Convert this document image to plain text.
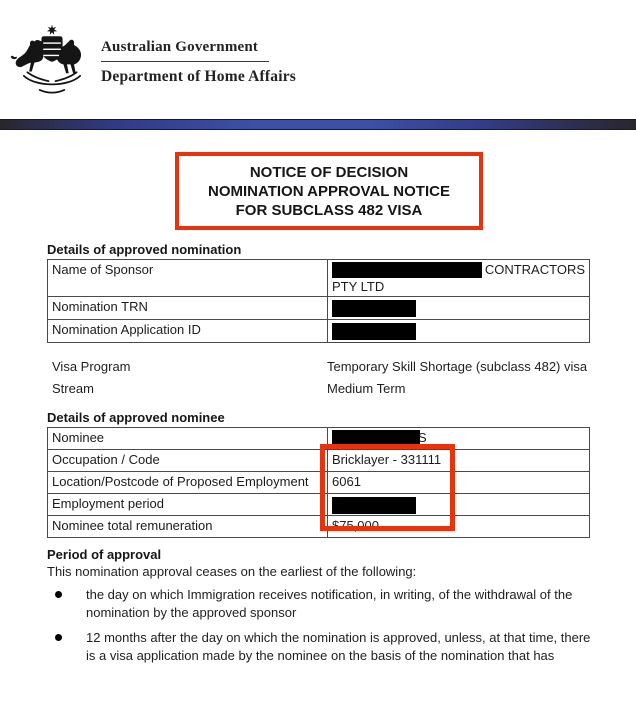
Australian Government
Department of Home Affairs
NOTICE OF DECISION
NOMINATION APPROVAL NOTICE
FOR SUBCLASS 482 VISA
Details of approved nomination
Name of Sponsor	CONTRACTORS
PTY LTD

Nomination TRN	
Nomination Application ID	
Visa Program	Temporary Skill Shortage (subclass 482) visa
Stream	Medium Term
Details of approved nominee
Nominee	S

Occupation / Code	Bricklayer - 331111
Location/Postcode of Proposed Employment	6061
Employment period	
Nominee total remuneration	$75,000
Period of approval
This nomination approval ceases on the earliest of the following:
the day on which Immigration receives notification, in writing, of the withdrawal of the nomination by the approved sponsor
12 months after the day on which the nomination is approved, unless, at that time, there is a visa application made by the nominee on the basis of the nomination that has
